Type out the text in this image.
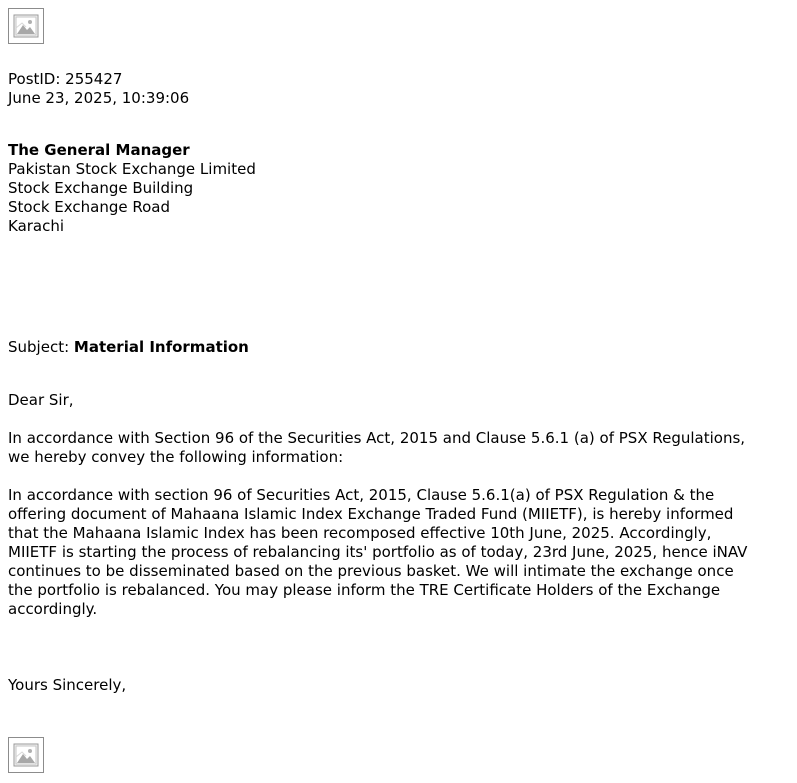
PostID: 255427
June 23, 2025, 10:39:06
The General Manager
Pakistan Stock Exchange Limited
Stock Exchange Building
Stock Exchange Road
Karachi
Subject: Material Information
Dear Sir,
In accordance with Section 96 of the Securities Act, 2015 and Clause 5.6.1 (a) of PSX Regulations,
we hereby convey the following information:
In accordance with section 96 of Securities Act, 2015, Clause 5.6.1(a) of PSX Regulation & the
offering document of Mahaana Islamic Index Exchange Traded Fund (MIIETF), is hereby informed
that the Mahaana Islamic Index has been recomposed effective 10th June, 2025. Accordingly,
MIIETF is starting the process of rebalancing its' portfolio as of today, 23rd June, 2025, hence iNAV
continues to be disseminated based on the previous basket. We will intimate the exchange once
the portfolio is rebalanced. You may please inform the TRE Certificate Holders of the Exchange
accordingly.
Yours Sincerely,
